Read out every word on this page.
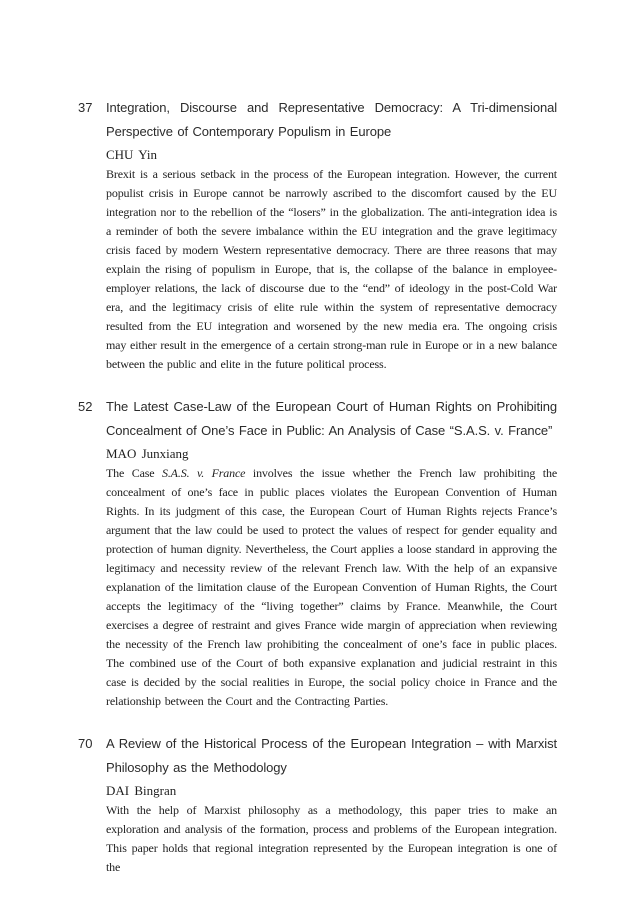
37	Integration, Discourse and Representative Democracy: A Tri-dimensional Perspective of Contemporary Populism in Europe
CHU Yin

Brexit is a serious setback in the process of the European integration. However, the current populist crisis in Europe cannot be narrowly ascribed to the discomfort caused by the EU integration nor to the rebellion of the “losers” in the globalization. The anti-integration idea is a reminder of both the severe imbalance within the EU integration and the grave legitimacy crisis faced by modern Western representative democracy. There are three reasons that may explain the rising of populism in Europe, that is, the collapse of the balance in employee-employer relations, the lack of discourse due to the “end” of ideology in the post-Cold War era, and the legitimacy crisis of elite rule within the system of representative democracy resulted from the EU integration and worsened by the new media era. The ongoing crisis may either result in the emergence of a certain strong-man rule in Europe or in a new balance between the public and elite in the future political process.

52	The Latest Case-Law of the European Court of Human Rights on Prohibiting Concealment of One’s Face in Public: An Analysis of Case “S.A.S. v. France”
MAO Junxiang

The Case S.A.S. v. France involves the issue whether the French law prohibiting the concealment of one’s face in public places violates the European Convention of Human Rights. In its judgment of this case, the European Court of Human Rights rejects France’s argument that the law could be used to protect the values of respect for gender equality and protection of human dignity. Nevertheless, the Court applies a loose standard in approving the legitimacy and necessity review of the relevant French law. With the help of an expansive explanation of the limitation clause of the European Convention of Human Rights, the Court accepts the legitimacy of the “living together” claims by France. Meanwhile, the Court exercises a degree of restraint and gives France wide margin of appreciation when reviewing the necessity of the French law prohibiting the concealment of one’s face in public places. The combined use of the Court of both expansive explanation and judicial restraint in this case is decided by the social realities in Europe, the social policy choice in France and the relationship between the Court and the Contracting Parties.

70	A Review of the Historical Process of the European Integration – with Marxist Philosophy as the Methodology
DAI Bingran

With the help of Marxist philosophy as a methodology, this paper tries to make an exploration and analysis of the formation, process and problems of the European integration. This paper holds that regional integration represented by the European integration is one of the
